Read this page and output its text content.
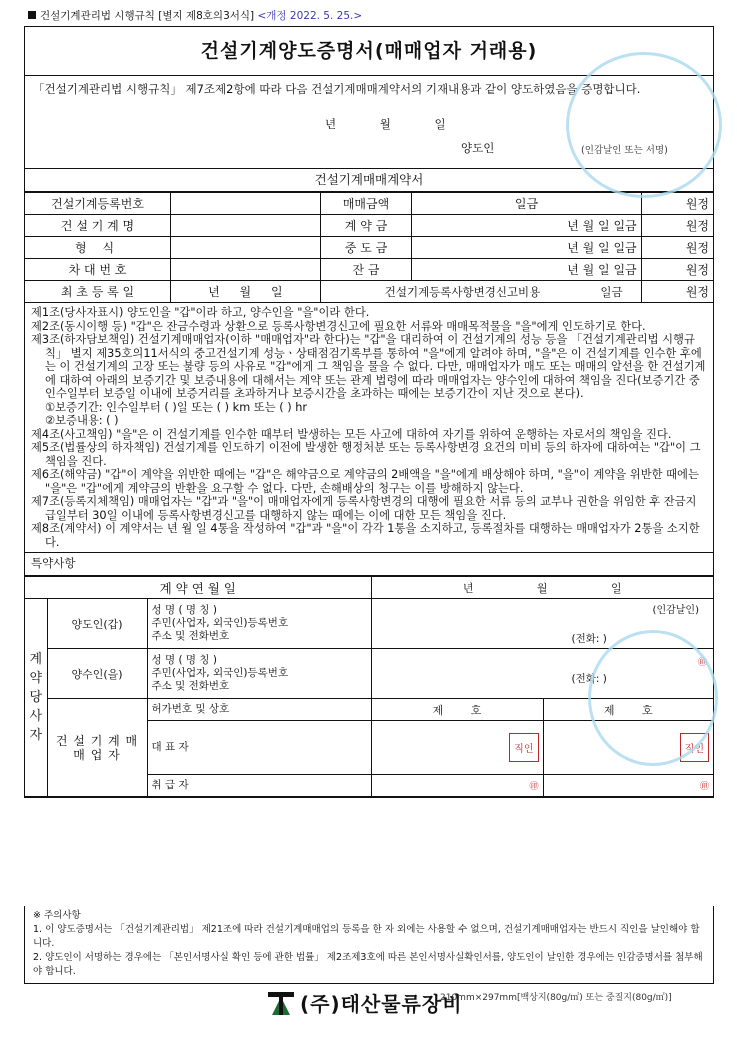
건설기계관리법 시행규칙 [별지 제8호의3서식] <개정 2022. 5. 25.>
건설기계양도증명서(매매업자 거래용)
「건설기계관리법 시행규칙」 제7조제2항에 따라 다음 건설기계매매계약서의 기재내용과 같이 양도하였음을 증명합니다.
년 월 일
양도인	(인감날인 또는 서명)
건설기계매매계약서
건설기계등록번호		매매금액	일금	원정
건 설 기 계 명		계 약 금	년 월 일 일금	원정
형 식		중 도 금	년 월 일 일금	원정
차 대 번 호		잔 금	년 월 일 일금	원정
최 초 등 록 일	년 월 일	건설기계등록사항변경신고비용 일금		원정

제1조(당사자표시) 양도인을 "갑"이라 하고, 양수인을 "을"이라 한다.

제2조(동시이행 등) "갑"은 잔금수령과 상환으로 등록사항변경신고에 필요한 서류와 매매목적물을 "을"에게 인도하기로 한다.

제3조(하자담보책임) 건설기계매매업자(이하 "매매업자"라 한다)는 "갑"을 대리하여 이 건설기계의 성능 등을 「건설기계관리법 시행규칙」 별지 제35호의11서식의 중고건설기계 성능ㆍ상태점검기록부를 통하여 "을"에게 알려야 하며, "을"은 이 건설기계를 인수한 후에는 이 건설기계의 고장 또는 불량 등의 사유로 "갑"에게 그 책임을 물을 수 없다. 다만, 매매업자가 매도 또는 매매의 알선을 한 건설기계에 대하여 아래의 보증기간 및 보증내용에 대해서는 계약 또는 관계 법령에 따라 매매업자는 양수인에 대하여 책임을 진다(보증기간 중 인수일부터 보증일 이내에 보증거리를 초과하거나 보증시간을 초과하는 때에는 보증기간이 지난 것으로 본다).

①보증기간: 인수일부터 ( )일 또는 ( ) km 또는 ( ) hr

②보증내용: ( )

제4조(사고책임) "을"은 이 건설기계를 인수한 때부터 발생하는 모든 사고에 대하여 자기를 위하여 운행하는 자로서의 책임을 진다.

제5조(법률상의 하자책임) 건설기계를 인도하기 이전에 발생한 행정처분 또는 등록사항변경 요건의 미비 등의 하자에 대하여는 "갑"이 그 책임을 진다.

제6조(해약금) "갑"이 계약을 위반한 때에는 "갑"은 해약금으로 계약금의 2배액을 "을"에게 배상해야 하며, "을"이 계약을 위반한 때에는 "을"은 "갑"에게 계약금의 반환을 요구할 수 없다. 다만, 손해배상의 청구는 이를 방해하지 않는다.

제7조(등록지체책임) 매매업자는 "갑"과 "을"이 매매업자에게 등록사항변경의 대행에 필요한 서류 등의 교부나 권한을 위임한 후 잔금지급일부터 30일 이내에 등록사항변경신고를 대행하지 않는 때에는 이에 대한 모든 책임을 진다.

제8조(계약서) 이 계약서는 년 월 일 4통을 작성하여 "갑"과 "을"이 각각 1통을 소지하고, 등록절차를 대행하는 매매업자가 2통을 소지한다.

특약사항
계 약 연 월 일			년 월 일	
계약당사자	양도인(갑)	성 명 ( 명 칭 )
주민(사업자, 외국인)등록번호
주소 및 전화번호	(인감날인)
(전화: )	

	양수인(을)	성 명 ( 명 칭 )
주민(사업자, 외국인)등록번호
주소 및 전화번호	㊞
(전화: )	

	건 설 기 계 매 매 업 자	허가번호 및 상호	제 호	제 호
		대 표 자	직인	직인
		취 급 자	㊞	㊞

※ 주의사항

1. 이 양도증명서는 「건설기계관리법」 제21조에 따라 건설기계매매업의 등록을 한 자 외에는 사용할 수 없으며, 건설기계매매업자는 반드시 직인을 날인해야 합니다.

2. 양도인이 서명하는 경우에는 「본인서명사실 확인 등에 관한 법률」 제2조제3호에 따른 본인서명사실확인서를, 양도인이 날인한 경우에는 인감증명서를 첨부해야 합니다.

(주)태산물류장비
210mm×297mm[백상지(80g/㎡) 또는 중질지(80g/㎡)]
